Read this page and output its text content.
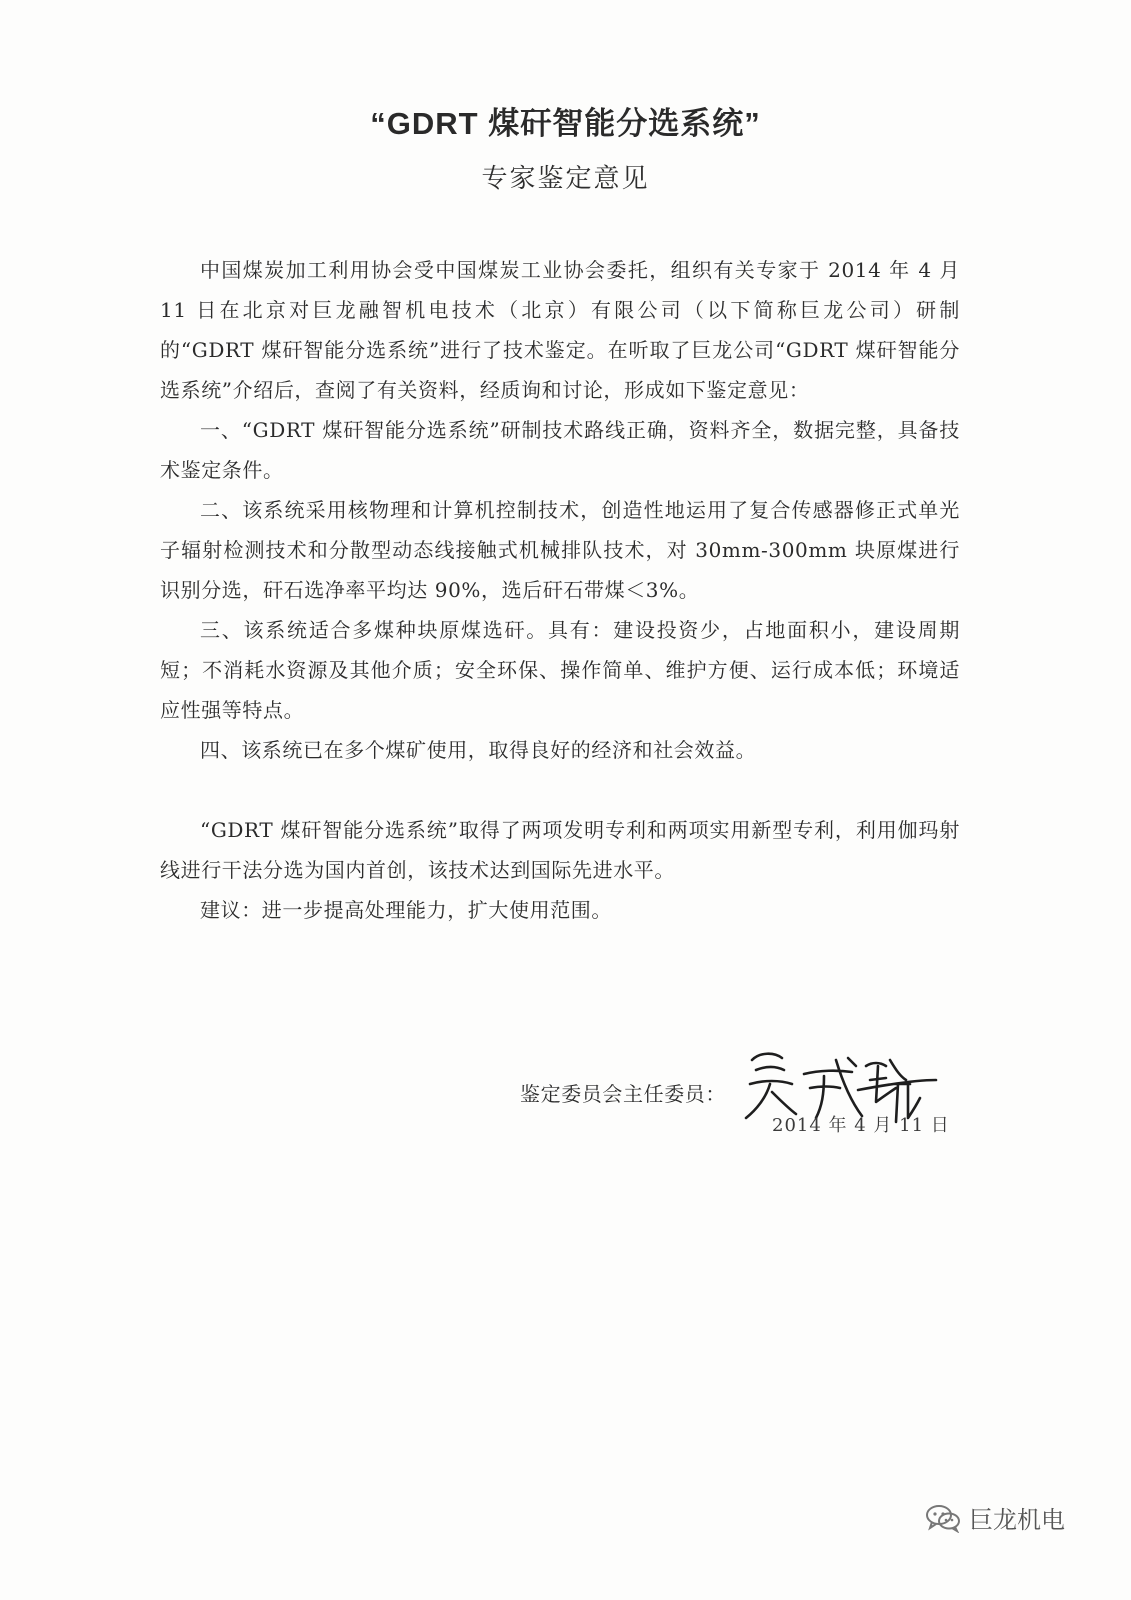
“GDRT 煤矸智能分选系统”
专家鉴定意见

中国煤炭加工利用协会受中国煤炭工业协会委托，组织有关专家于 2014 年 4 月 11 日在北京对巨龙融智机电技术（北京）有限公司（以下简称巨龙公司）研制的“GDRT 煤矸智能分选系统”进行了技术鉴定。在听取了巨龙公司“GDRT 煤矸智能分选系统”介绍后，查阅了有关资料，经质询和讨论，形成如下鉴定意见：

一、“GDRT 煤矸智能分选系统”研制技术路线正确，资料齐全，数据完整，具备技术鉴定条件。

二、该系统采用核物理和计算机控制技术，创造性地运用了复合传感器修正式单光子辐射检测技术和分散型动态线接触式机械排队技术，对 30mm-300mm 块原煤进行识别分选，矸石选净率平均达 90%，选后矸石带煤＜3%。

三、该系统适合多煤种块原煤选矸。具有：建设投资少，占地面积小，建设周期短；不消耗水资源及其他介质；安全环保、操作简单、维护方便、运行成本低；环境适应性强等特点。

四、该系统已在多个煤矿使用，取得良好的经济和社会效益。

“GDRT 煤矸智能分选系统”取得了两项发明专利和两项实用新型专利，利用伽玛射线进行干法分选为国内首创，该技术达到国际先进水平。

建议：进一步提高处理能力，扩大使用范围。

鉴定委员会主任委员：
2014 年 4 月 11 日
巨龙机电
